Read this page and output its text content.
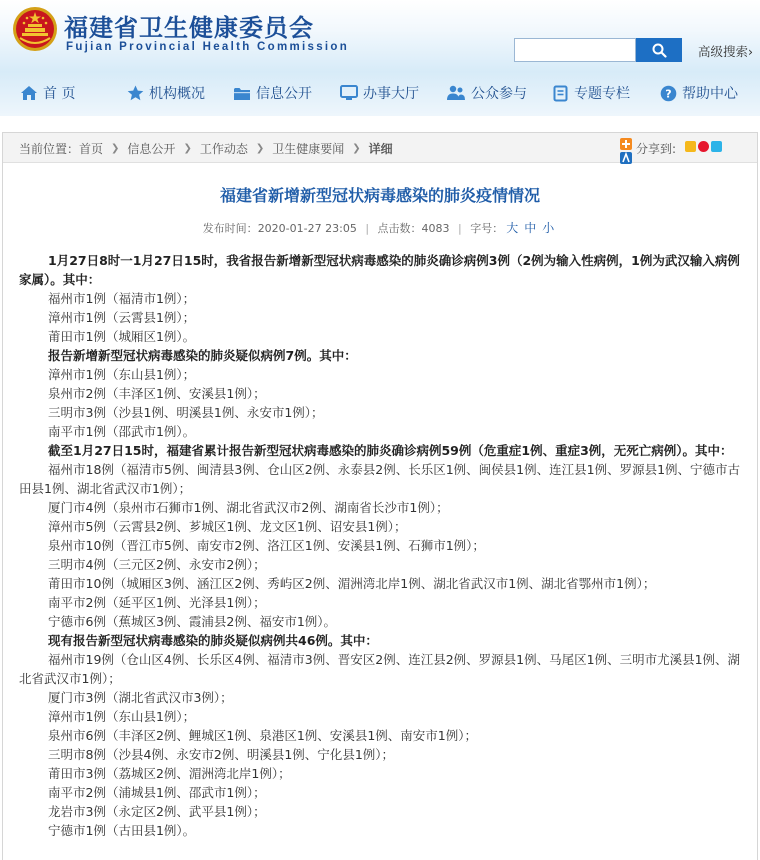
福建省卫生健康委员会
Fujian Provincial Health Commission	高级搜索›
首 页	机构概况	信息公开	办事大厅	公众参与	专题专栏	? 帮助中心
当前位置： 首页 ❯ 信息公开 ❯ 工作动态 ❯ 卫生健康要闻 ❯ 详细	分享到:
福建省新增新型冠状病毒感染的肺炎疫情情况
发布时间：2020-01-27 23:05 | 点击数：4083 | 字号： 大 中 小

1月27日8时一1月27日15时，我省报告新增新型冠状病毒感染的肺炎确诊病例3例（2例为输入性病例，1例为武汉输入病例家属）。其中：

福州市1例（福清市1例）；

漳州市1例（云霄县1例）；

莆田市1例（城厢区1例）。

报告新增新型冠状病毒感染的肺炎疑似病例7例。其中：

漳州市1例（东山县1例）；

泉州市2例（丰泽区1例、安溪县1例）；

三明市3例（沙县1例、明溪县1例、永安市1例）；

南平市1例（邵武市1例）。

截至1月27日15时，福建省累计报告新型冠状病毒感染的肺炎确诊病例59例（危重症1例、重症3例，无死亡病例）。其中：

福州市18例（福清市5例、闽清县3例、仓山区2例、永泰县2例、长乐区1例、闽侯县1例、连江县1例、罗源县1例、宁德市古田县1例、湖北省武汉市1例）；

厦门市4例（泉州市石狮市1例、湖北省武汉市2例、湖南省长沙市1例）；

漳州市5例（云霄县2例、芗城区1例、龙文区1例、诏安县1例）；

泉州市10例（晋江市5例、南安市2例、洛江区1例、安溪县1例、石狮市1例）；

三明市4例（三元区2例、永安市2例）；

莆田市10例（城厢区3例、涵江区2例、秀屿区2例、湄洲湾北岸1例、湖北省武汉市1例、湖北省鄂州市1例）；

南平市2例（延平区1例、光泽县1例）；

宁德市6例（蕉城区3例、霞浦县2例、福安市1例）。

现有报告新型冠状病毒感染的肺炎疑似病例共46例。其中：

福州市19例（仓山区4例、长乐区4例、福清市3例、晋安区2例、连江县2例、罗源县1例、马尾区1例、三明市尤溪县1例、湖北省武汉市1例）；

厦门市3例（湖北省武汉市3例）；

漳州市1例（东山县1例）；

泉州市6例（丰泽区2例、鲤城区1例、泉港区1例、安溪县1例、南安市1例）；

三明市8例（沙县4例、永安市2例、明溪县1例、宁化县1例）；

莆田市3例（荔城区2例、湄洲湾北岸1例）；

南平市2例（浦城县1例、邵武市1例）；

龙岩市3例（永定区2例、武平县1例）；

宁德市1例（古田县1例）。
